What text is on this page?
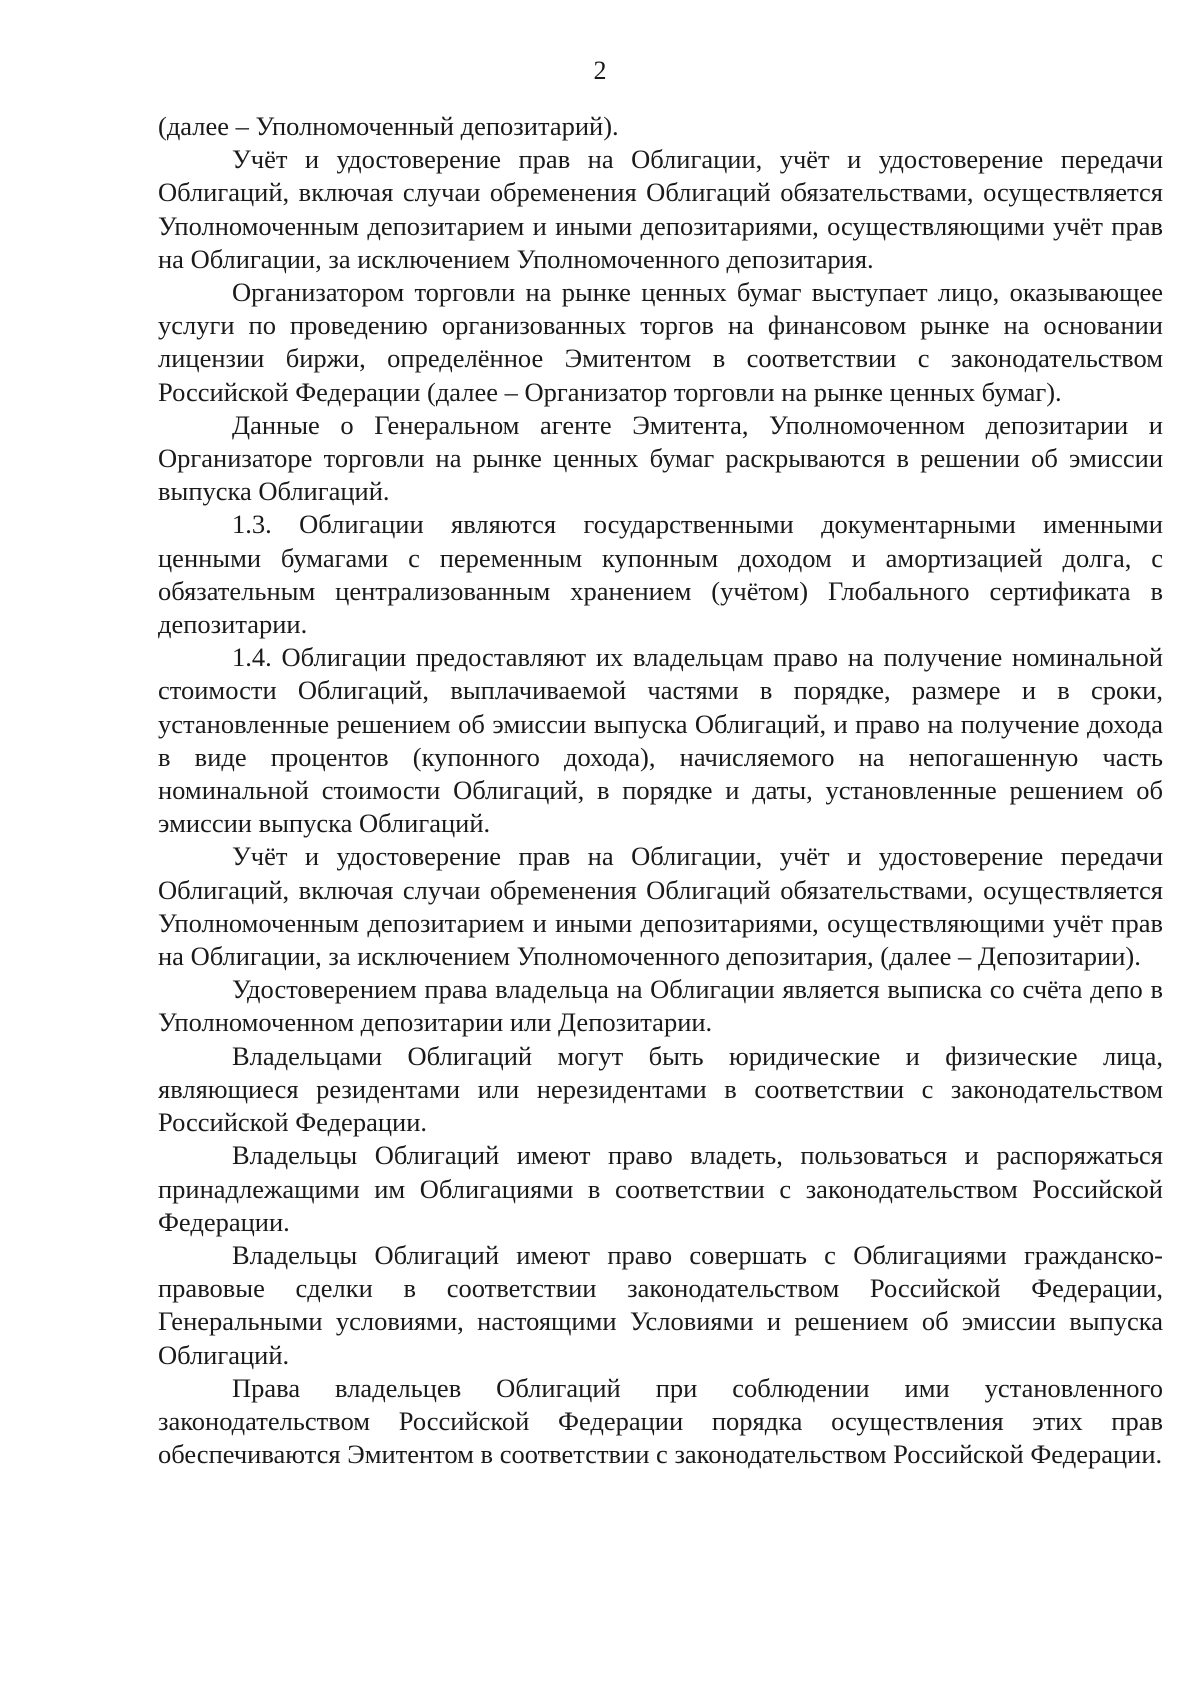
2

(далее – Уполномоченный депозитарий).

Учёт и удостоверение прав на Облигации, учёт и удостоверение передачи Облигаций, включая случаи обременения Облигаций обязательствами, осуществляется Уполномоченным депозитарием и иными депозитариями, осуществляющими учёт прав на Облигации, за исключением Уполномоченного депозитария.

Организатором торговли на рынке ценных бумаг выступает лицо, оказывающее услуги по проведению организованных торгов на финансовом рынке на основании лицензии биржи, определённое Эмитентом в соответствии с законодательством Российской Федерации (далее – Организатор торговли на рынке ценных бумаг).

Данные о Генеральном агенте Эмитента, Уполномоченном депозитарии и Организаторе торговли на рынке ценных бумаг раскрываются в решении об эмиссии выпуска Облигаций.

1.3. Облигации являются государственными документарными именными ценными бумагами с переменным купонным доходом и амортизацией долга, с обязательным централизованным хранением (учётом) Глобального сертификата в депозитарии.

1.4. Облигации предоставляют их владельцам право на получение номинальной стоимости Облигаций, выплачиваемой частями в порядке, размере и в сроки, установленные решением об эмиссии выпуска Облигаций, и право на получение дохода в виде процентов (купонного дохода), начисляемого на непогашенную часть номинальной стоимости Облигаций, в порядке и даты, установленные решением об эмиссии выпуска Облигаций.

Учёт и удостоверение прав на Облигации, учёт и удостоверение передачи Облигаций, включая случаи обременения Облигаций обязательствами, осуществляется Уполномоченным депозитарием и иными депозитариями, осуществляющими учёт прав на Облигации, за исключением Уполномоченного депозитария, (далее – Депозитарии).

Удостоверением права владельца на Облигации является выписка со счёта депо в Уполномоченном депозитарии или Депозитарии.

Владельцами Облигаций могут быть юридические и физические лица, являющиеся резидентами или нерезидентами в соответствии с законодательством Российской Федерации.

Владельцы Облигаций имеют право владеть, пользоваться и распоряжаться принадлежащими им Облигациями в соответствии с законодательством Российской Федерации.

Владельцы Облигаций имеют право совершать с Облигациями гражданско-правовые сделки в соответствии законодательством Российской Федерации, Генеральными условиями, настоящими Условиями и решением об эмиссии выпуска Облигаций.

Права владельцев Облигаций при соблюдении ими установленного законодательством Российской Федерации порядка осуществления этих прав обеспечиваются Эмитентом в соответствии с законодательством Российской Федерации.
